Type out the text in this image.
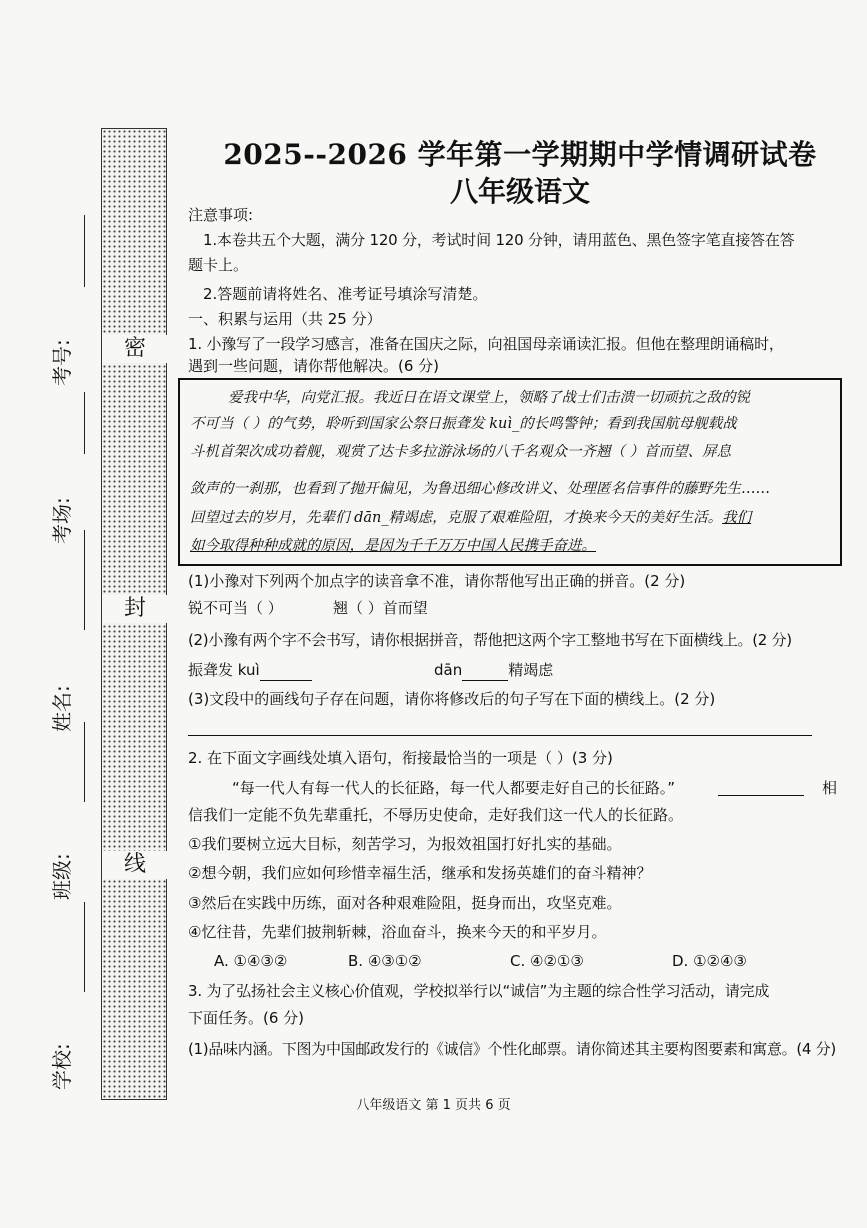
密
封
线
考号:
考场:
姓名:
班级:
学校:
2025--2026 学年第一学期期中学情调研试卷
八年级语文
注意事项:
1.本卷共五个大题，满分 120 分，考试时间 120 分钟，请用蓝色、黑色签字笔直接答在答
题卡上。
2.答题前请将姓名、准考证号填涂写清楚。
一、积累与运用（共 25 分）
1. 小豫写了一段学习感言，准备在国庆之际，向祖国母亲诵读汇报。但他在整理朗诵稿时，
遇到一些问题，请你帮他解决。(6 分)
爱我中华，向党汇报。我近日在语文课堂上，领略了战士们击溃一切顽抗之敌的锐
不可当（ ）的气势，聆听到国家公祭日振聋发 kuì_的长鸣警钟；看到我国航母舰载战
斗机首架次成功着舰，观赏了达卡多拉游泳场的八千名观众一齐翘（ ）首而望、屏息
敛声的一刹那，也看到了抛开偏见，为鲁迅细心修改讲义、处理匿名信事件的藤野先生……
回望过去的岁月，先辈们 dān_精竭虑，克服了艰难险阻，才换来今天的美好生活。我们
如今取得种种成就的原因，是因为千千万万中国人民携手奋进。
(1)小豫对下列两个加点字的读音拿不准，请你帮他写出正确的拼音。(2 分)
锐不可当（ ）	翘（ ）首而望
(2)小豫有两个字不会书写，请你根据拼音，帮他把这两个字工整地书写在下面横线上。(2 分)
振聋发 kuì	dān	精竭虑
(3)文段中的画线句子存在问题，请你将修改后的句子写在下面的横线上。(2 分)
2. 在下面文字画线处填入语句，衔接最恰当的一项是（ ）(3 分)
“每一代人有每一代人的长征路，每一代人都要走好自己的长征路。”	相
信我们一定能不负先辈重托，不辱历史使命，走好我们这一代人的长征路。
①我们要树立远大目标，刻苦学习，为报效祖国打好扎实的基础。
②想今朝，我们应如何珍惜幸福生活，继承和发扬英雄们的奋斗精神？
③然后在实践中历练，面对各种艰难险阻，挺身而出，攻坚克难。
④忆往昔，先辈们披荆斩棘，浴血奋斗，换来今天的和平岁月。
A. ①④③②	B. ④③①②	C. ④②①③	D. ①②④③
3. 为了弘扬社会主义核心价值观，学校拟举行以“诚信”为主题的综合性学习活动，请完成
下面任务。(6 分)
(1)品味内涵。下图为中国邮政发行的《诚信》个性化邮票。请你简述其主要构图要素和寓意。(4 分)
八年级语文 第 1 页共 6 页
